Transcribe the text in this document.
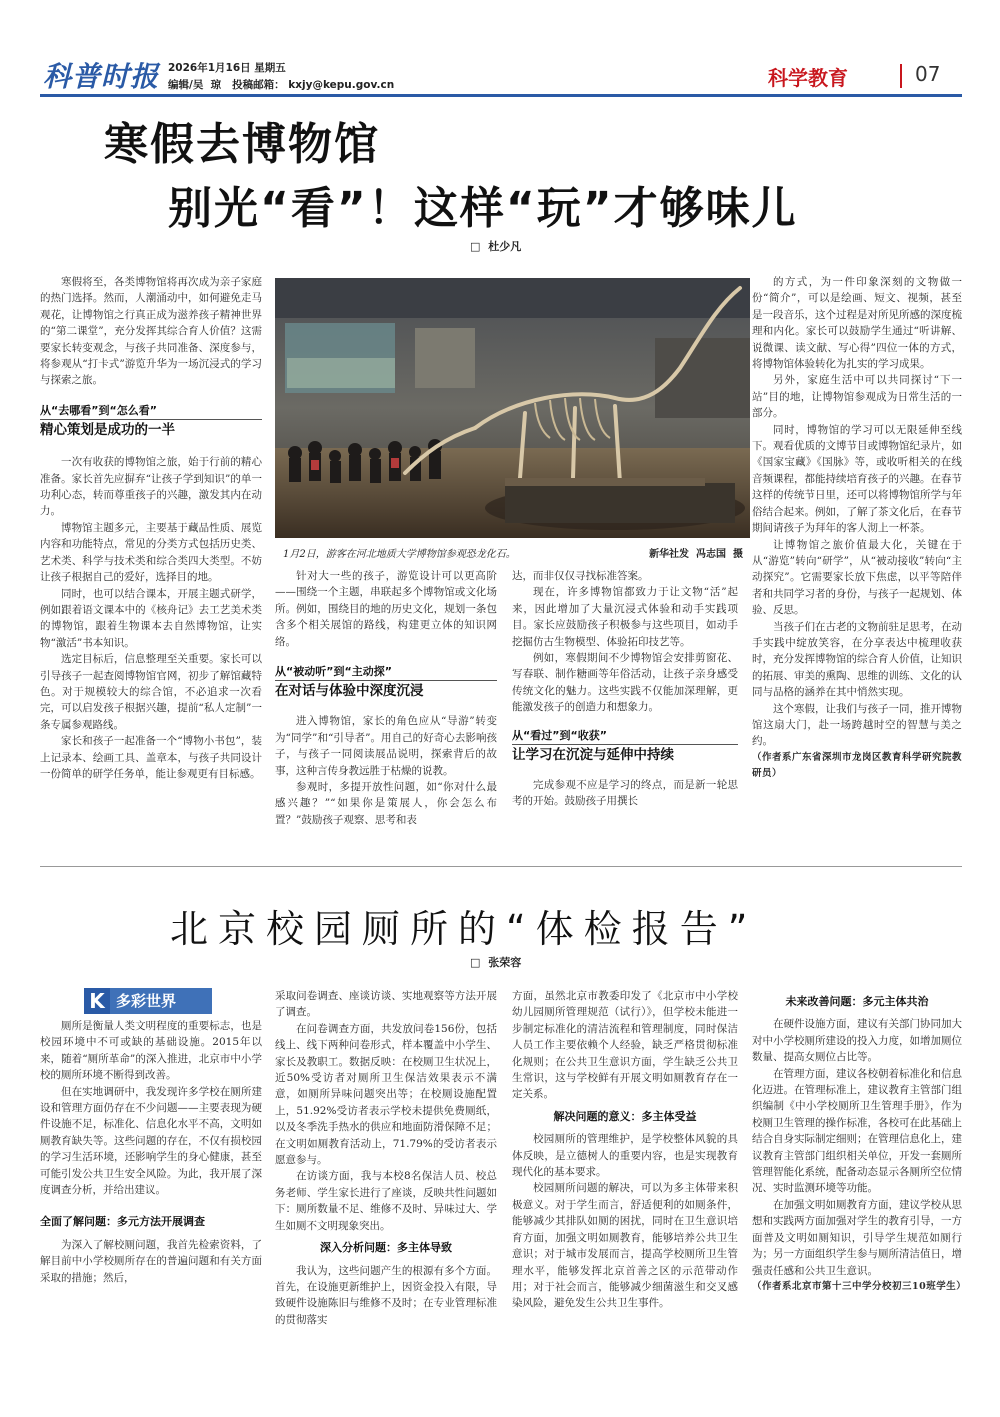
科普时报 2026年1月16日 星期五
编辑/吴  琼   投稿邮箱： kxjy@kepu.gov.cn	科学教育	07
寒假去博物馆
别光“看”！这样“玩”才够味儿
□ 杜少凡
1月2日，游客在河北地质大学博物馆参观恐龙化石。	新华社发  冯志国  摄

寒假将至，各类博物馆将再次成为亲子家庭的热门选择。然而，人潮涌动中，如何避免走马观花，让博物馆之行真正成为滋养孩子精神世界的“第二课堂”，充分发挥其综合育人价值？这需要家长转变观念，与孩子共同准备、深度参与，将参观从“打卡式”游览升华为一场沉浸式的学习与探索之旅。

从“去哪看”到“怎么看”
精心策划是成功的一半

一次有收获的博物馆之旅，始于行前的精心准备。家长首先应摒弃“让孩子学到知识”的单一功利心态，转而尊重孩子的兴趣，激发其内在动力。

博物馆主题多元，主要基于藏品性质、展览内容和功能特点，常见的分类方式包括历史类、艺术类、科学与技术类和综合类四大类型。不妨让孩子根据自己的爱好，选择目的地。

同时，也可以结合课本，开展主题式研学，例如跟着语文课本中的《核舟记》去工艺美术类的博物馆，跟着生物课本去自然博物馆，让实物“激活”书本知识。

选定目标后，信息整理至关重要。家长可以引导孩子一起查阅博物馆官网，初步了解馆藏特色。对于规模较大的综合馆，不必追求一次看完，可以启发孩子根据兴趣，提前“私人定制”一条专属参观路线。

家长和孩子一起准备一个“博物小书包”，装上记录本、绘画工具、盖章本，与孩子共同设计一份简单的研学任务单，能让参观更有目标感。

针对大一些的孩子，游览设计可以更高阶——围绕一个主题，串联起多个博物馆或文化场所。例如，围绕目的地的历史文化，规划一条包含多个相关展馆的路线，构建更立体的知识网络。

从“被动听”到“主动探”
在对话与体验中深度沉浸

进入博物馆，家长的角色应从“导游”转变为“同学”和“引导者”。用自己的好奇心去影响孩子，与孩子一同阅读展品说明，探索背后的故事，这种言传身教远胜于枯燥的说教。

参观时，多提开放性问题，如“你对什么最感兴趣？”“如果你是策展人，你会怎么布置？”鼓励孩子观察、思考和表

达，而非仅仅寻找标准答案。

现在，许多博物馆都致力于让文物“活”起来，因此增加了大量沉浸式体验和动手实践项目。家长应鼓励孩子积极参与这些项目，如动手挖掘仿古生物模型、体验拓印技艺等。

例如，寒假期间不少博物馆会安排剪窗花、写春联、制作糖画等年俗活动，让孩子亲身感受传统文化的魅力。这些实践不仅能加深理解，更能激发孩子的创造力和想象力。

从“看过”到“收获”
让学习在沉淀与延伸中持续

完成参观不应是学习的终点，而是新一轮思考的开始。鼓励孩子用撰长

的方式，为一件印象深刻的文物做一份“简介”，可以是绘画、短文、视频，甚至是一段音乐，这个过程是对所见所感的深度梳理和内化。家长可以鼓励学生通过“听讲解、说微课、读文献、写心得”四位一体的方式，将博物馆体验转化为扎实的学习成果。

另外，家庭生活中可以共同探讨“下一站”目的地，让博物馆参观成为日常生活的一部分。

同时，博物馆的学习可以无限延伸至线下。观看优质的文博节目或博物馆纪录片，如《国家宝藏》《国脉》等，或收听相关的在线音频课程，都能持续培育孩子的兴趣。在春节这样的传统节日里，还可以将博物馆所学与年俗结合起来。例如，了解了茶文化后，在春节期间请孩子为拜年的客人沏上一杯茶。

让博物馆之旅价值最大化，关键在于从“游览”转向“研学”，从“被动接收”转向“主动探究”。它需要家长放下焦虑，以平等陪伴者和共同学习者的身份，与孩子一起规划、体验、反思。

当孩子们在古老的文物前驻足思考，在动手实践中绽放笑容，在分享表达中梳理收获时，充分发挥博物馆的综合育人价值，让知识的拓展、审美的熏陶、思维的训练、文化的认同与品格的涵养在其中悄然实现。

这个寒假，让我们与孩子一同，推开博物馆这扇大门，赴一场跨越时空的智慧与美之约。

（作者系广东省深圳市龙岗区教育科学研究院教研员）

北京校园厕所的“体检报告”
□ 张荣容
K 多彩世界

厕所是衡量人类文明程度的重要标志，也是校园环境中不可或缺的基础设施。2015年以来，随着“厕所革命”的深入推进，北京市中小学校的厕所环境不断得到改善。

但在实地调研中，我发现许多学校在厕所建设和管理方面仍存在不少问题——主要表现为硬件设施不足，标准化、信息化水平不高，文明如厕教育缺失等。这些问题的存在，不仅有损校园的学习生活环境，还影响学生的身心健康，甚至可能引发公共卫生安全风险。为此，我开展了深度调查分析，并给出建议。

全面了解问题：多元方法开展调查

为深入了解校厕问题，我首先检索资料，了解目前中小学校厕所存在的普遍问题和有关方面采取的措施；然后，

采取问卷调查、座谈访谈、实地观察等方法开展了调查。

在问卷调查方面，共发放问卷156份，包括线上、线下两种问卷形式，样本覆盖中小学生、家长及教职工。数据反映：在校厕卫生状况上，近50%受访者对厕所卫生保洁效果表示不满意，如厕所异味问题突出等；在校厕设施配置上，51.92%受访者表示学校未提供免费厕纸，以及冬季洗手热水的供应和地面防滑保障不足；在文明如厕教育活动上，71.79%的受访者表示愿意参与。

在访谈方面，我与本校8名保洁人员、校总务老师、学生家长进行了座谈，反映共性问题如下：厕所数量不足、维修不及时、异味过大、学生如厕不文明现象突出。

深入分析问题：多主体导致

我认为，这些问题产生的根源有多个方面。首先，在设施更新维护上，因资金投入有限，导致硬件设施陈旧与维修不及时；在专业管理标准的贯彻落实

方面，虽然北京市教委印发了《北京市中小学校幼儿园厕所管理规范（试行）》，但学校未能进一步制定标准化的清洁流程和管理制度，同时保洁人员工作主要依赖个人经验，缺乏严格贯彻标准化规则；在公共卫生意识方面，学生缺乏公共卫生常识，这与学校鲜有开展文明如厕教育存在一定关系。

解决问题的意义：多主体受益

校园厕所的管理维护，是学校整体风貌的具体反映，是立德树人的重要内容，也是实现教育现代化的基本要求。

校园厕所问题的解决，可以为多主体带来积极意义。对于学生而言，舒适便利的如厕条件，能够减少其排队如厕的困扰，同时在卫生意识培育方面，加强文明如厕教育，能够培养公共卫生意识；对于城市发展而言，提高学校厕所卫生管理水平，能够发挥北京首善之区的示范带动作用；对于社会而言，能够减少细菌滋生和交叉感染风险，避免发生公共卫生事件。

未来改善问题：多元主体共治

在硬件设施方面，建议有关部门协同加大对中小学校厕所建设的投入力度，如增加厕位数量、提高女厕位占比等。

在管理方面，建议各校朝着标准化和信息化迈进。在管理标准上，建议教育主管部门组织编制《中小学校厕所卫生管理手册》，作为校厕卫生管理的操作标准，各校可在此基础上结合自身实际制定细则；在管理信息化上，建议教育主管部门组织相关单位，开发一套厕所管理智能化系统，配备动态显示各厕所空位情况、实时监测环境等功能。

在加强文明如厕教育方面，建议学校从思想和实践两方面加强对学生的教育引导，一方面普及文明如厕知识，引导学生规范如厕行为；另一方面组织学生参与厕所清洁值日，增强责任感和公共卫生意识。

（作者系北京市第十三中学分校初三10班学生）
